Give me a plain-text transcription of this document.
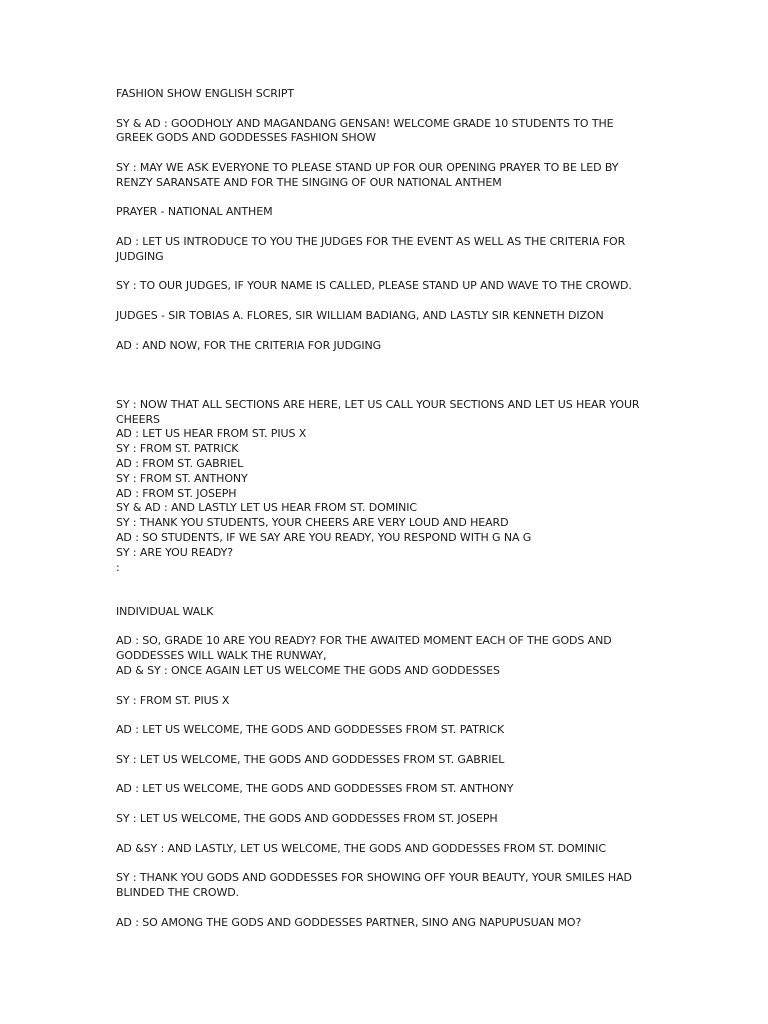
FASHION SHOW ENGLISH SCRIPT

SY & AD : GOODHOLY AND MAGANDANG GENSAN! WELCOME GRADE 10 STUDENTS TO THE GREEK GODS AND GODDESSES FASHION SHOW

SY : MAY WE ASK EVERYONE TO PLEASE STAND UP FOR OUR OPENING PRAYER TO BE LED BY RENZY SARANSATE AND FOR THE SINGING OF OUR NATIONAL ANTHEM

PRAYER - NATIONAL ANTHEM

AD : LET US INTRODUCE TO YOU THE JUDGES FOR THE EVENT AS WELL AS THE CRITERIA FOR JUDGING

SY : TO OUR JUDGES, IF YOUR NAME IS CALLED, PLEASE STAND UP AND WAVE TO THE CROWD.

JUDGES - SIR TOBIAS A. FLORES, SIR WILLIAM BADIANG, AND LASTLY SIR KENNETH DIZON

AD : AND NOW, FOR THE CRITERIA FOR JUDGING

SY : NOW THAT ALL SECTIONS ARE HERE, LET US CALL YOUR SECTIONS AND LET US HEAR YOUR CHEERS

AD : LET US HEAR FROM ST. PIUS X

SY : FROM ST. PATRICK

AD : FROM ST. GABRIEL

SY : FROM ST. ANTHONY

AD : FROM ST. JOSEPH

SY & AD : AND LASTLY LET US HEAR FROM ST. DOMINIC

SY : THANK YOU STUDENTS, YOUR CHEERS ARE VERY LOUD AND HEARD

AD : SO STUDENTS, IF WE SAY ARE YOU READY, YOU RESPOND WITH G NA G

SY : ARE YOU READY?

:

INDIVIDUAL WALK

AD : SO, GRADE 10 ARE YOU READY? FOR THE AWAITED MOMENT EACH OF THE GODS AND GODDESSES WILL WALK THE RUNWAY,

AD & SY : ONCE AGAIN LET US WELCOME THE GODS AND GODDESSES

SY : FROM ST. PIUS X

AD : LET US WELCOME, THE GODS AND GODDESSES FROM ST. PATRICK

SY : LET US WELCOME, THE GODS AND GODDESSES FROM ST. GABRIEL

AD : LET US WELCOME, THE GODS AND GODDESSES FROM ST. ANTHONY

SY : LET US WELCOME, THE GODS AND GODDESSES FROM ST. JOSEPH

AD &SY : AND LASTLY, LET US WELCOME, THE GODS AND GODDESSES FROM ST. DOMINIC

SY : THANK YOU GODS AND GODDESSES FOR SHOWING OFF YOUR BEAUTY, YOUR SMILES HAD BLINDED THE CROWD.

AD : SO AMONG THE GODS AND GODDESSES PARTNER, SINO ANG NAPUPUSUAN MO?
